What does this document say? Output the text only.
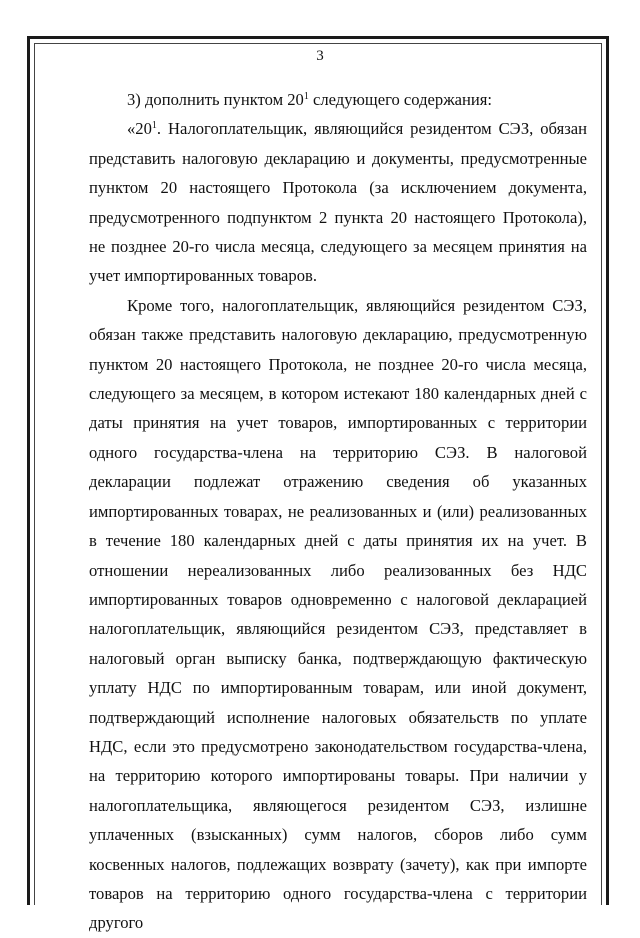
3

3) дополнить пунктом $20^1$ следующего содержания:

«$20^1$. Налогоплательщик, являющийся резидентом СЭЗ, обязан представить налоговую декларацию и документы, предусмотренные пунктом 20 настоящего Протокола (за исключением документа, предусмотренного подпунктом 2 пункта 20 настоящего Протокола), не позднее 20-го числа месяца, следующего за месяцем принятия на учет импортированных товаров.

Кроме того, налогоплательщик, являющийся резидентом СЭЗ, обязан также представить налоговую декларацию, предусмотренную пунктом 20 настоящего Протокола, не позднее 20-го числа месяца, следующего за месяцем, в котором истекают 180 календарных дней с даты принятия на учет товаров, импортированных с территории одного государства-члена на территорию СЭЗ. В налоговой декларации подлежат отражению сведения об указанных импортированных товарах, не реализованных и (или) реализованных в течение 180 календарных дней с даты принятия их на учет. В отношении нереализованных либо реализованных без НДС импортированных товаров одновременно с налоговой декларацией налогоплательщик, являющийся резидентом СЭЗ, представляет в налоговый орган выписку банка, подтверждающую фактическую уплату НДС по импортированным товарам, или иной документ, подтверждающий исполнение налоговых обязательств по уплате НДС, если это предусмотрено законодательством государства-члена, на территорию которого импортированы товары. При наличии у налогоплательщика, являющегося резидентом СЭЗ, излишне уплаченных (взысканных) сумм налогов, сборов либо сумм косвенных налогов, подлежащих возврату (зачету), как при импорте товаров на территорию одного государства-члена с территории другого
